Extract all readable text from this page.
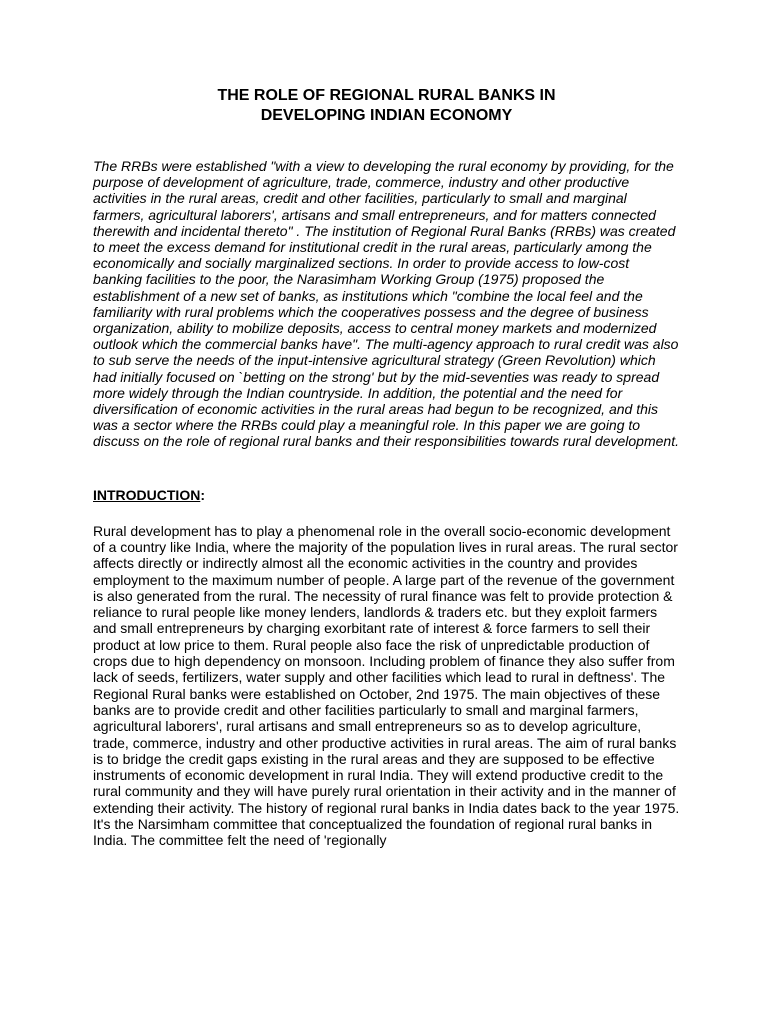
THE ROLE OF REGIONAL RURAL BANKS IN
DEVELOPING INDIAN ECONOMY

The RRBs were established "with a view to developing the rural economy by providing, for the purpose of development of agriculture, trade, commerce, industry and other productive activities in the rural areas, credit and other facilities, particularly to small and marginal farmers, agricultural laborers', artisans and small entrepreneurs, and for matters connected therewith and incidental thereto" . The institution of Regional Rural Banks (RRBs) was created to meet the excess demand for institutional credit in the rural areas, particularly among the economically and socially marginalized sections. In order to provide access to low-cost banking facilities to the poor, the Narasimham Working Group (1975) proposed the establishment of a new set of banks, as institutions which "combine the local feel and the familiarity with rural problems which the cooperatives possess and the degree of business organization, ability to mobilize deposits, access to central money markets and modernized outlook which the commercial banks have". The multi-agency approach to rural credit was also to sub serve the needs of the input-intensive agricultural strategy (Green Revolution) which had initially focused on `betting on the strong' but by the mid-seventies was ready to spread more widely through the Indian countryside. In addition, the potential and the need for diversification of economic activities in the rural areas had begun to be recognized, and this was a sector where the RRBs could play a meaningful role. In this paper we are going to discuss on the role of regional rural banks and their responsibilities towards rural development.

INTRODUCTION:

Rural development has to play a phenomenal role in the overall socio-economic development of a country like India, where the majority of the population lives in rural areas. The rural sector affects directly or indirectly almost all the economic activities in the country and provides employment to the maximum number of people. A large part of the revenue of the government is also generated from the rural. The necessity of rural finance was felt to provide protection & reliance to rural people like money lenders, landlords & traders etc. but they exploit farmers and small entrepreneurs by charging exorbitant rate of interest & force farmers to sell their product at low price to them. Rural people also face the risk of unpredictable production of crops due to high dependency on monsoon. Including problem of finance they also suffer from lack of seeds, fertilizers, water supply and other facilities which lead to rural in deftness'. The Regional Rural banks were established on October, 2nd 1975. The main objectives of these banks are to provide credit and other facilities particularly to small and marginal farmers, agricultural laborers', rural artisans and small entrepreneurs so as to develop agriculture, trade, commerce, industry and other productive activities in rural areas. The aim of rural banks is to bridge the credit gaps existing in the rural areas and they are supposed to be effective instruments of economic development in rural India. They will extend productive credit to the rural community and they will have purely rural orientation in their activity and in the manner of extending their activity. The history of regional rural banks in India dates back to the year 1975. It's the Narsimham committee that conceptualized the foundation of regional rural banks in India. The committee felt the need of 'regionally
